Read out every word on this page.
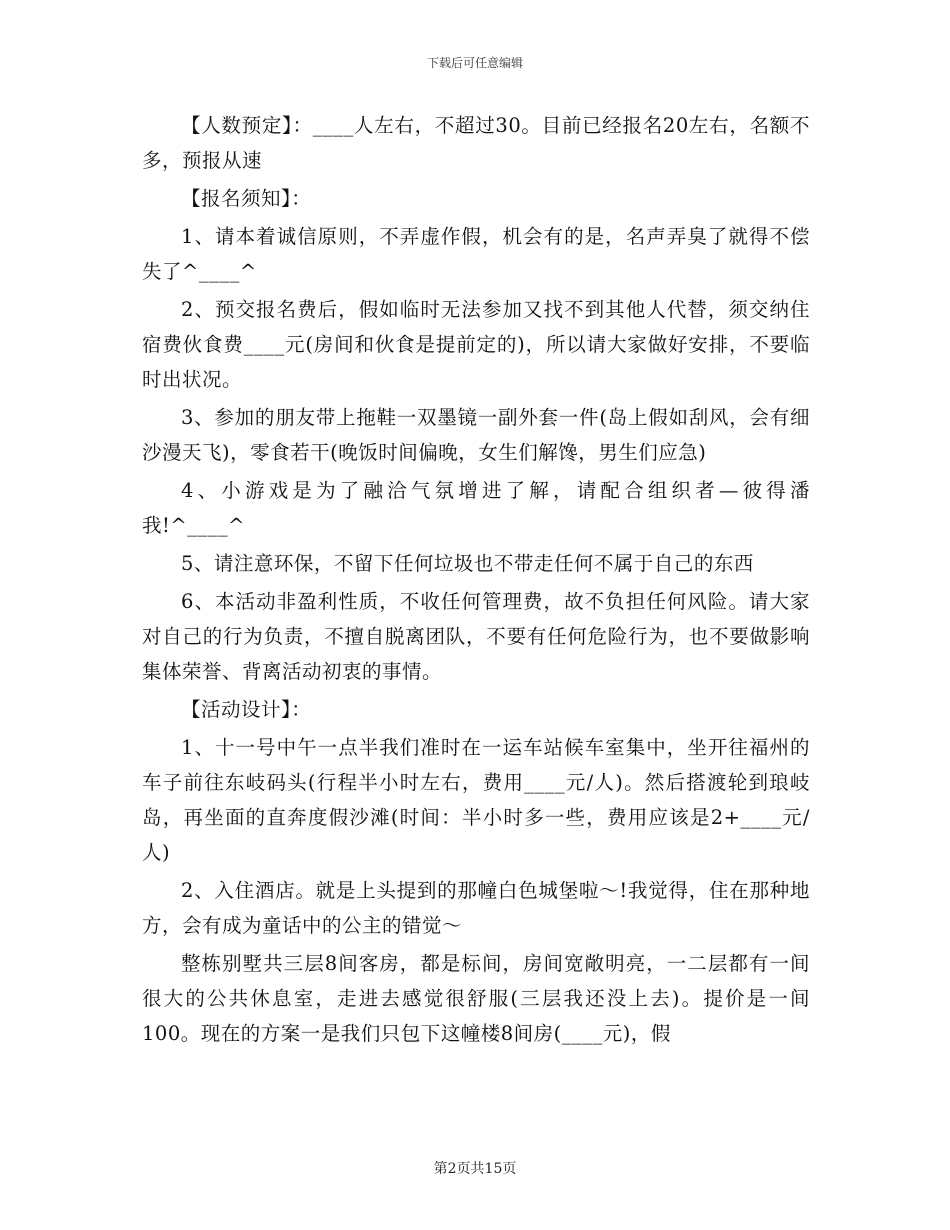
下载后可任意编辑

【人数预定】：____人左右，不超过30。目前已经报名20左右，名额不多，预报从速

【报名须知】：

1、请本着诚信原则，不弄虚作假，机会有的是，名声弄臭了就得不偿失了^____^

2、预交报名费后，假如临时无法参加又找不到其他人代替，须交纳住宿费伙食费____元(房间和伙食是提前定的)，所以请大家做好安排，不要临时出状况。

3、参加的朋友带上拖鞋一双墨镜一副外套一件(岛上假如刮风，会有细沙漫天飞)，零食若干(晚饭时间偏晚，女生们解馋，男生们应急)

4、小游戏是为了融洽气氛增进了解，请配合组织者—彼得潘我!^____^

5、请注意环保，不留下任何垃圾也不带走任何不属于自己的东西

6、本活动非盈利性质，不收任何管理费，故不负担任何风险。请大家对自己的行为负责，不擅自脱离团队，不要有任何危险行为，也不要做影响集体荣誉、背离活动初衷的事情。

【活动设计】：

1、十一号中午一点半我们准时在一运车站候车室集中，坐开往福州的车子前往东岐码头(行程半小时左右，费用____元/人)。然后搭渡轮到琅岐岛，再坐面的直奔度假沙滩(时间：半小时多一些，费用应该是2+____元/人)

2、入住酒店。就是上头提到的那幢白色城堡啦～!我觉得，住在那种地方，会有成为童话中的公主的错觉～

整栋别墅共三层8间客房，都是标间，房间宽敞明亮，一二层都有一间很大的公共休息室，走进去感觉很舒服(三层我还没上去)。提价是一间100。现在的方案一是我们只包下这幢楼8间房(____元)，假

第2页共15页
